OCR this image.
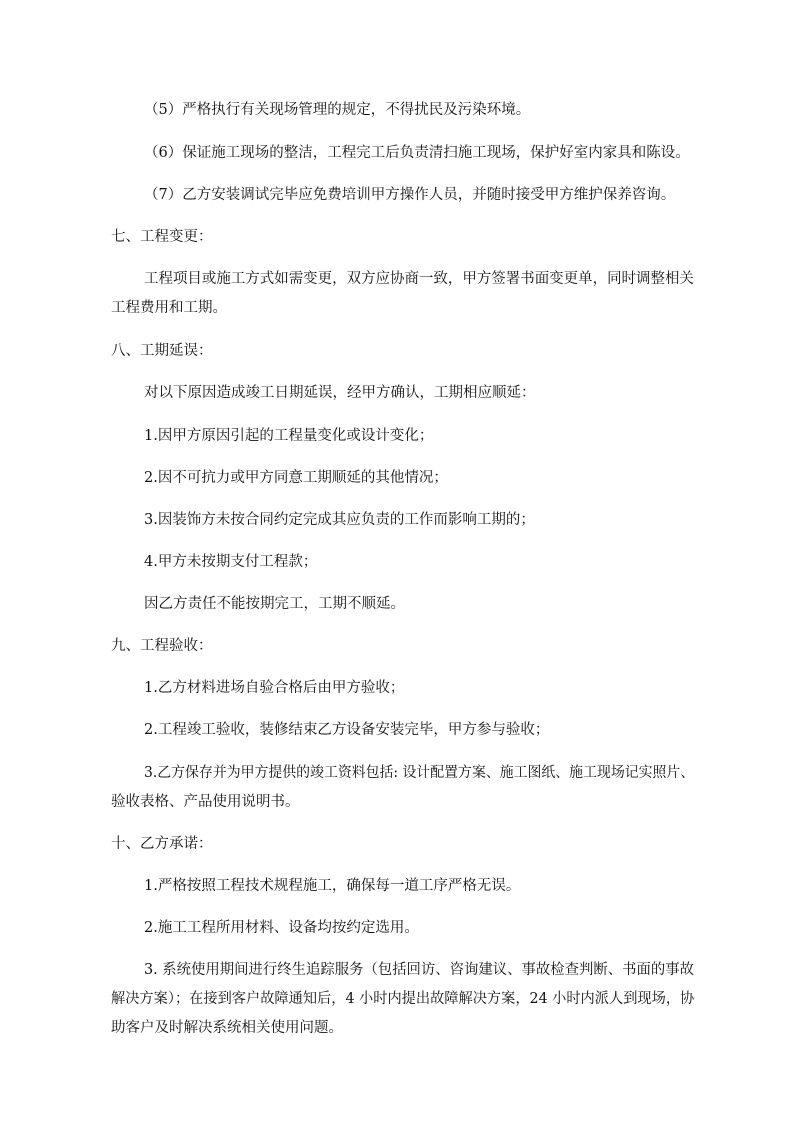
（5）严格执行有关现场管理的规定，不得扰民及污染环境。
（6）保证施工现场的整洁，工程完工后负责清扫施工现场，保护好室内家具和陈设。
（7）乙方安装调试完毕应免费培训甲方操作人员，并随时接受甲方维护保养咨询。
七、工程变更：
工程项目或施工方式如需变更，双方应协商一致，甲方签署书面变更单，同时调整相关
工程费用和工期。
八、工期延误：
对以下原因造成竣工日期延误，经甲方确认，工期相应顺延：
1.因甲方原因引起的工程量变化或设计变化；
2.因不可抗力或甲方同意工期顺延的其他情况；
3.因装饰方未按合同约定完成其应负责的工作而影响工期的；
4.甲方未按期支付工程款；
因乙方责任不能按期完工，工期不顺延。
九、工程验收：
1.乙方材料进场自验合格后由甲方验收；
2.工程竣工验收，装修结束乙方设备安装完毕，甲方参与验收；
3.乙方保存并为甲方提供的竣工资料包括: 设计配置方案、施工图纸、施工现场记实照片、
验收表格、产品使用说明书。
十、乙方承诺：
1.严格按照工程技术规程施工，确保每一道工序严格无误。
2.施工工程所用材料、设备均按约定选用。
3. 系统使用期间进行终生追踪服务（包括回访、咨询建议、事故检查判断、书面的事故
解决方案）；在接到客户故障通知后，4 小时内提出故障解决方案，24 小时内派人到现场，协
助客户及时解决系统相关使用问题。
